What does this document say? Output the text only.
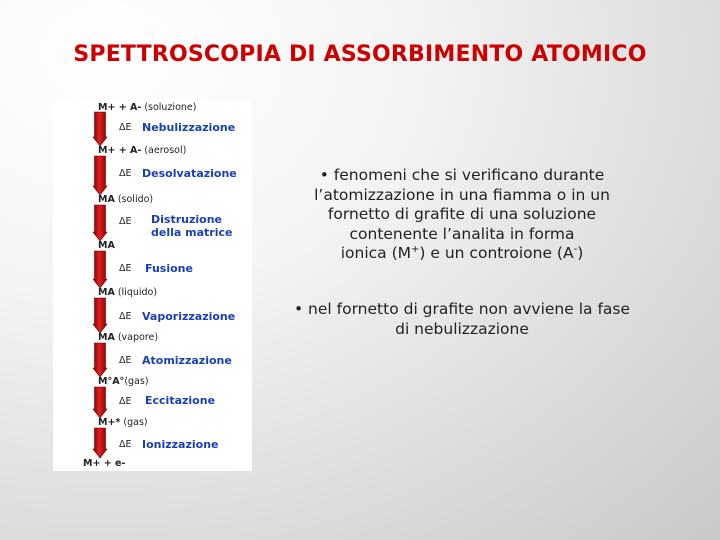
SPETTROSCOPIA DI ASSORBIMENTO ATOMICO
M+ + A- (soluzione)
M+ + A- (aerosol)
MA (solido)
MA
MA (liquido)
MA (vapore)
M°A°(gas)
M+* (gas)
M+ + e-
ΔE
ΔE
ΔE
ΔE
ΔE
ΔE
ΔE
ΔE
Nebulizzazione
Desolvatazione
Distruzione
della matrice
Fusione
Vaporizzazione
Atomizzazione
Eccitazione
Ionizzazione
• fenomeni che si verificano durante
l’atomizzazione in una fiamma o in un
fornetto di grafite di una soluzione
contenente l’analita in forma
ionica (M+) e un controione (A-)
• nel fornetto di grafite non avviene la fase
di nebulizzazione
